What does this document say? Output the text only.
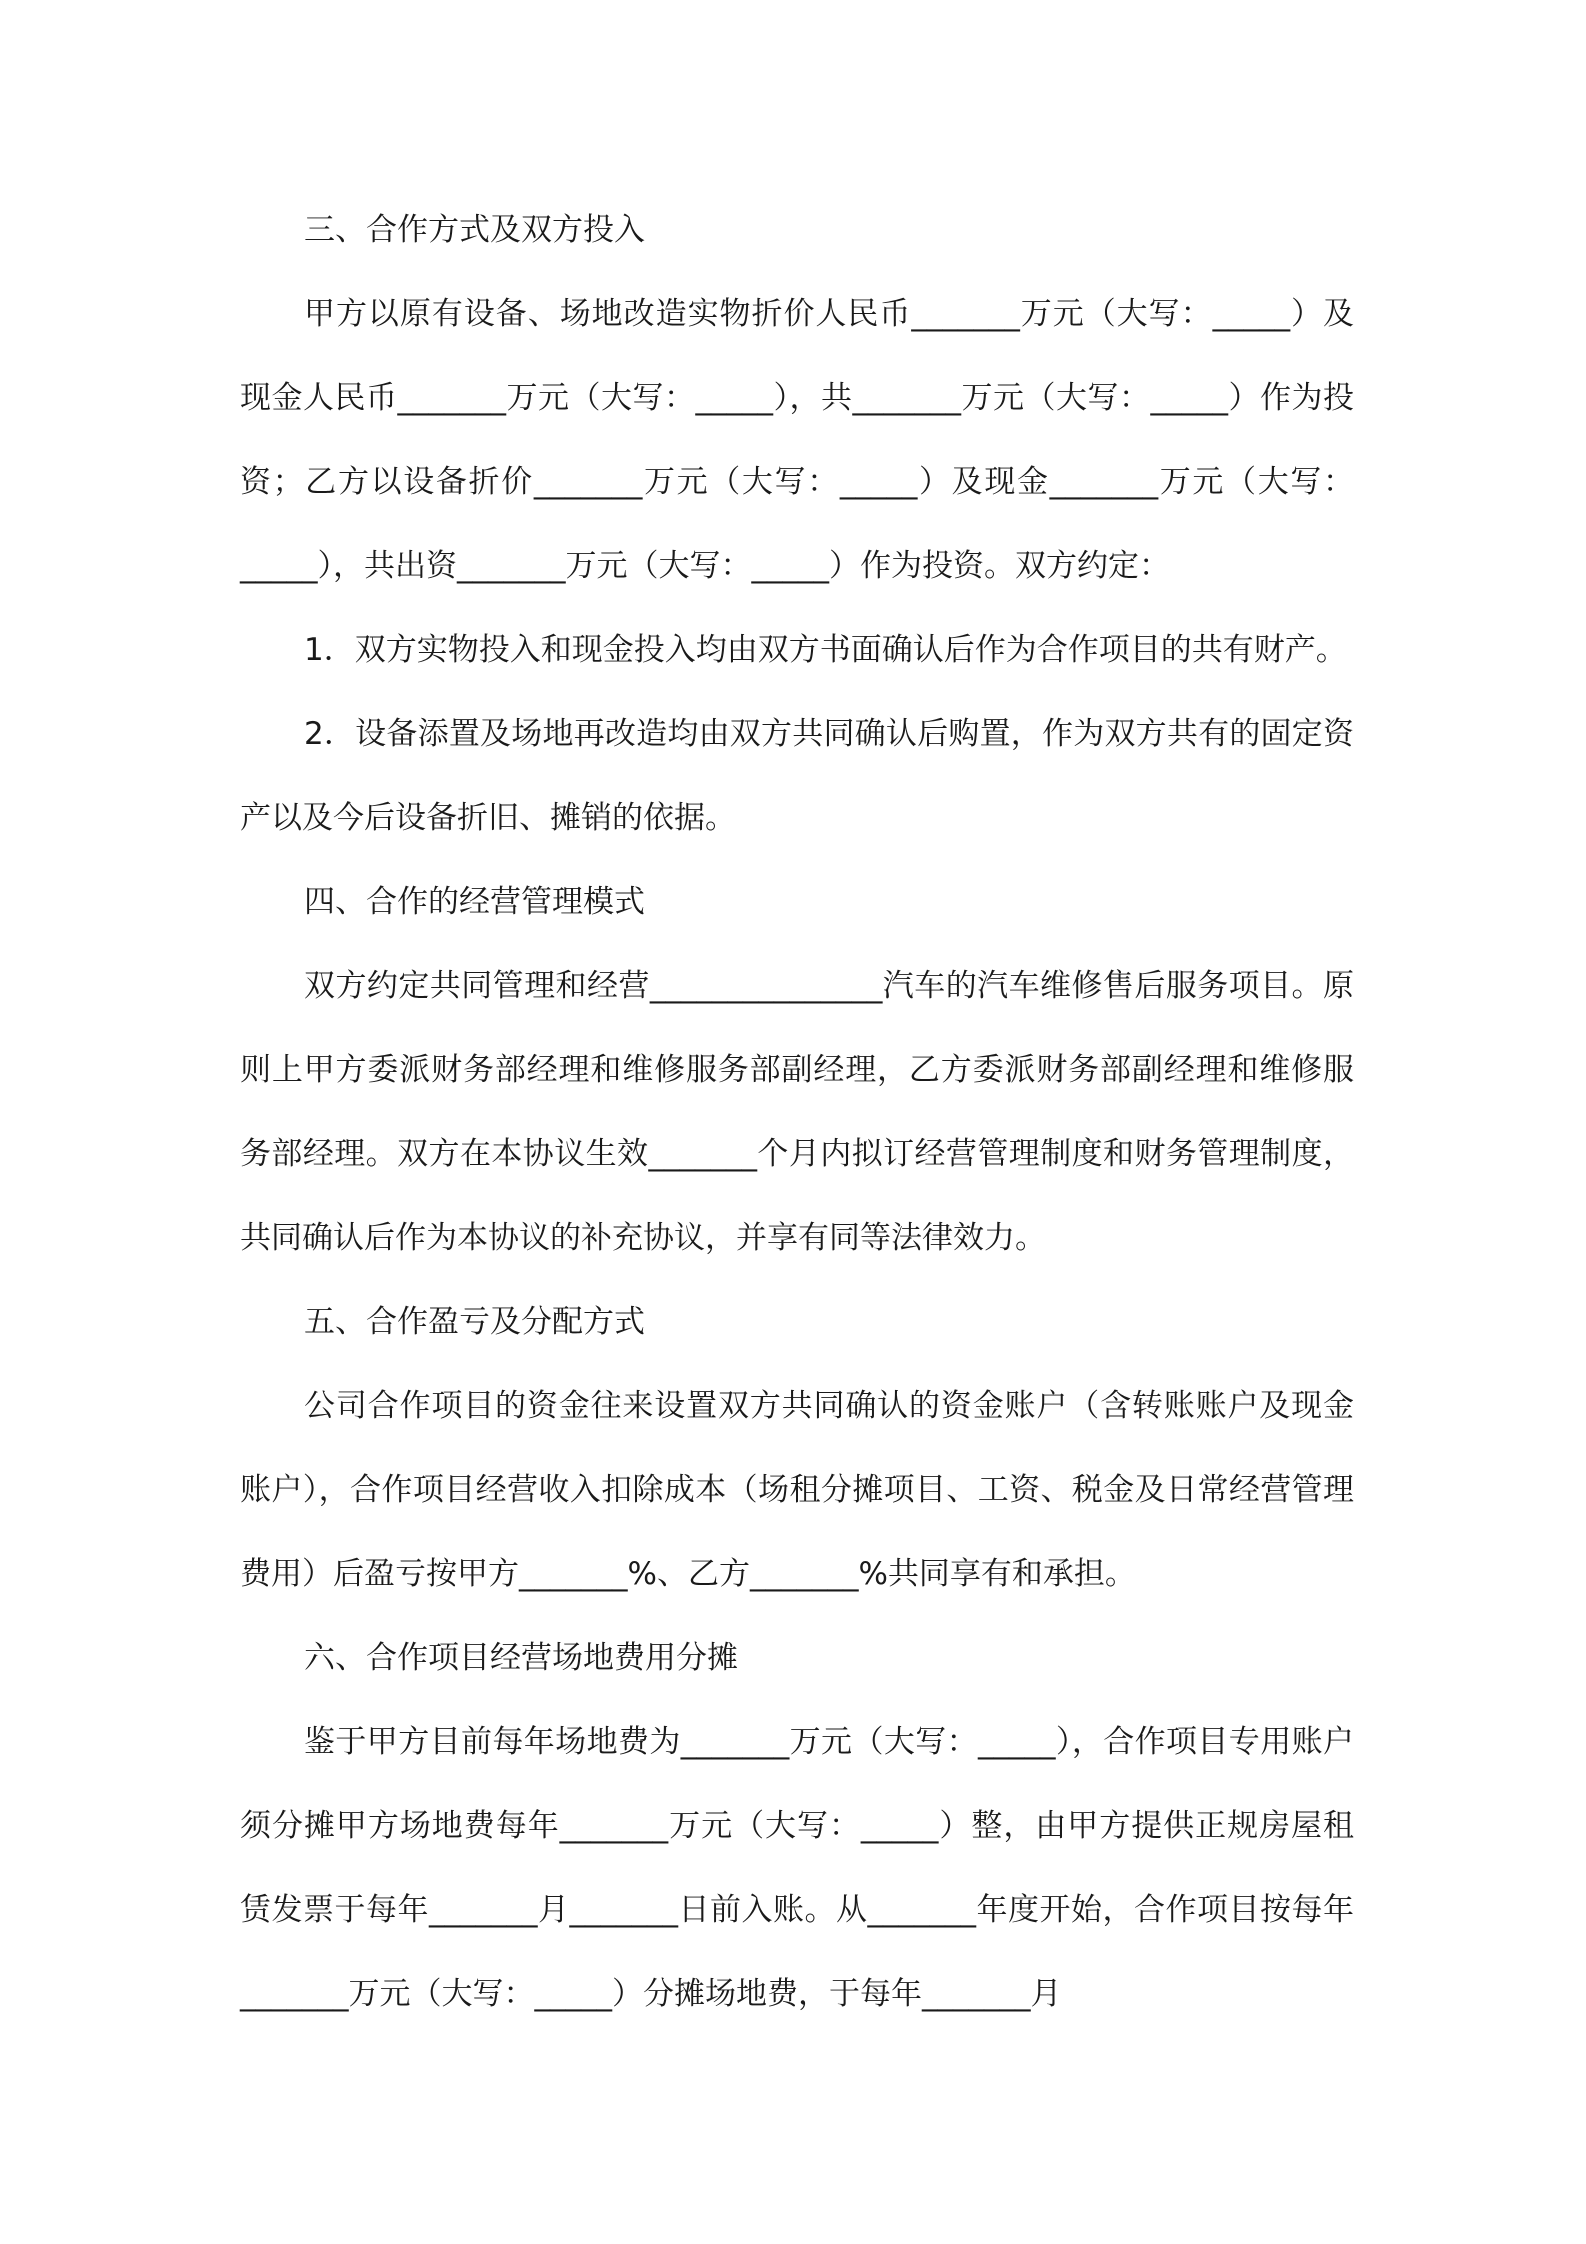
三、合作方式及双方投入

甲方以原有设备、场地改造实物折价人民币_______万元（大写：_____）及现金人民币_______万元（大写：_____），共_______万元（大写：_____）作为投资；乙方以设备折价_______万元（大写：_____）及现金_______万元（大写：_____），共出资_______万元（大写：_____）作为投资。双方约定：

1．双方实物投入和现金投入均由双方书面确认后作为合作项目的共有财产。

2．设备添置及场地再改造均由双方共同确认后购置，作为双方共有的固定资产以及今后设备折旧、摊销的依据。

四、合作的经营管理模式

双方约定共同管理和经营_______________汽车的汽车维修售后服务项目。原则上甲方委派财务部经理和维修服务部副经理，乙方委派财务部副经理和维修服务部经理。双方在本协议生效_______个月内拟订经营管理制度和财务管理制度，共同确认后作为本协议的补充协议，并享有同等法律效力。

五、合作盈亏及分配方式

公司合作项目的资金往来设置双方共同确认的资金账户（含转账账户及现金账户），合作项目经营收入扣除成本（场租分摊项目、工资、税金及日常经营管理费用）后盈亏按甲方_______%、乙方_______%共同享有和承担。

六、合作项目经营场地费用分摊

鉴于甲方目前每年场地费为_______万元（大写：_____），合作项目专用账户须分摊甲方场地费每年_______万元（大写：_____）整，由甲方提供正规房屋租赁发票于每年_______月_______日前入账。从_______年度开始，合作项目按每年_______万元（大写：_____）分摊场地费，于每年_______月
